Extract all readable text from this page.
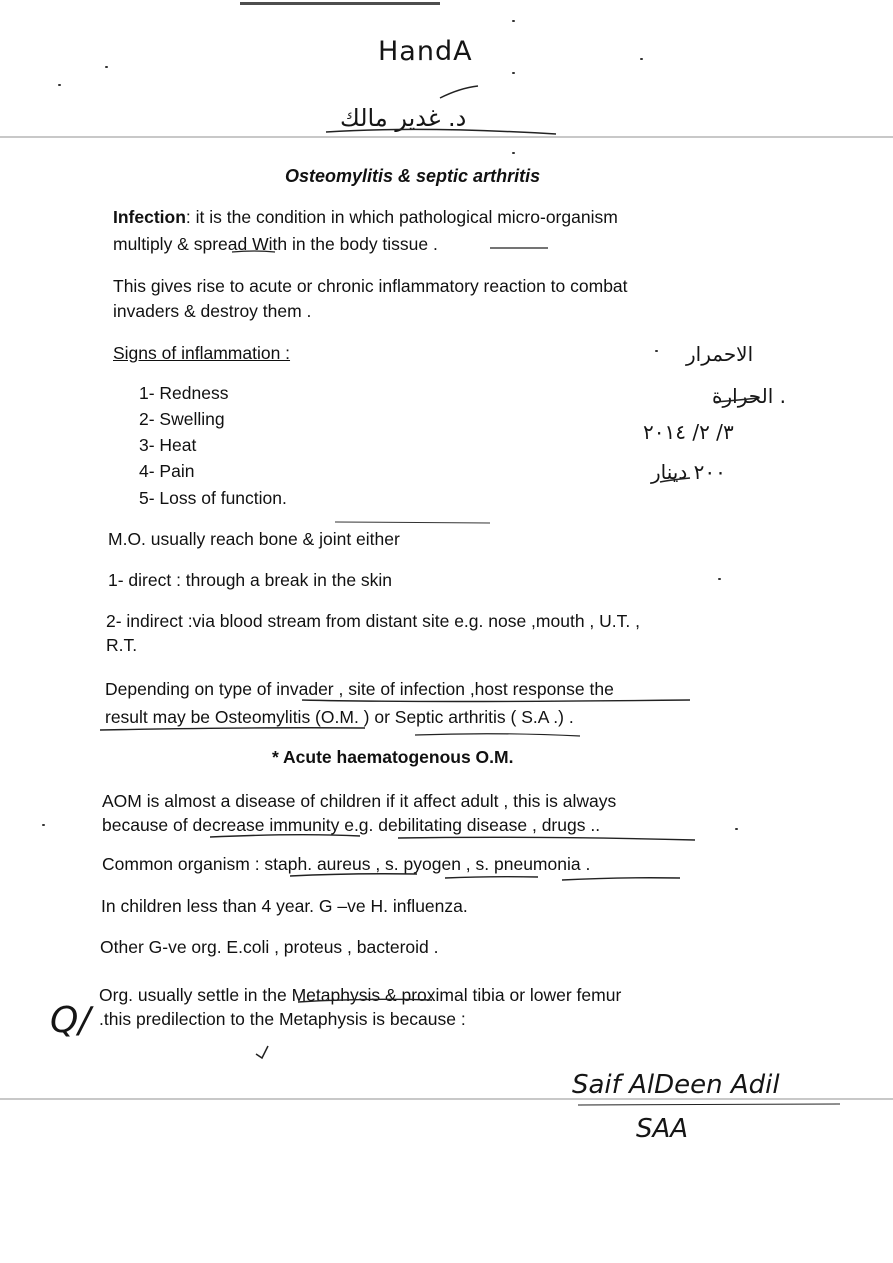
HandA
د. غدير مالك
Osteomylitis & septic arthritis
Infection: it is the condition in which pathological micro-organism
multiply & spread With in the body tissue .
This gives rise to acute or chronic inflammatory reaction to combat
invaders & destroy them .
Signs of inflammation :
1- Redness
2- Swelling
3- Heat
4- Pain
5- Loss of function.
الاحمرار
الحرارة .
٣/ ٢/ ٢٠١٤
٢٠٠ دينار
M.O. usually reach bone & joint either
1- direct : through a break in the skin
2- indirect :via blood stream from distant site e.g. nose ,mouth , U.T. ,
R.T.
Depending on type of invader , site of infection ,host response the
result may be Osteomylitis (O.M. ) or Septic arthritis ( S.A .) .
* Acute haematogenous O.M.
AOM is almost a disease of children if it affect adult , this is always
because of decrease immunity e.g. debilitating disease , drugs ..
Common organism : staph. aureus , s. pyogen , s. pneumonia .
In children less than 4 year. G –ve H. influenza.
Other G-ve org. E.coli , proteus , bacteroid .
Org. usually settle in the Metaphysis & proximal tibia or lower femur
.this predilection to the Metaphysis is because :
Q/
Saif AlDeen Adil
SAA
